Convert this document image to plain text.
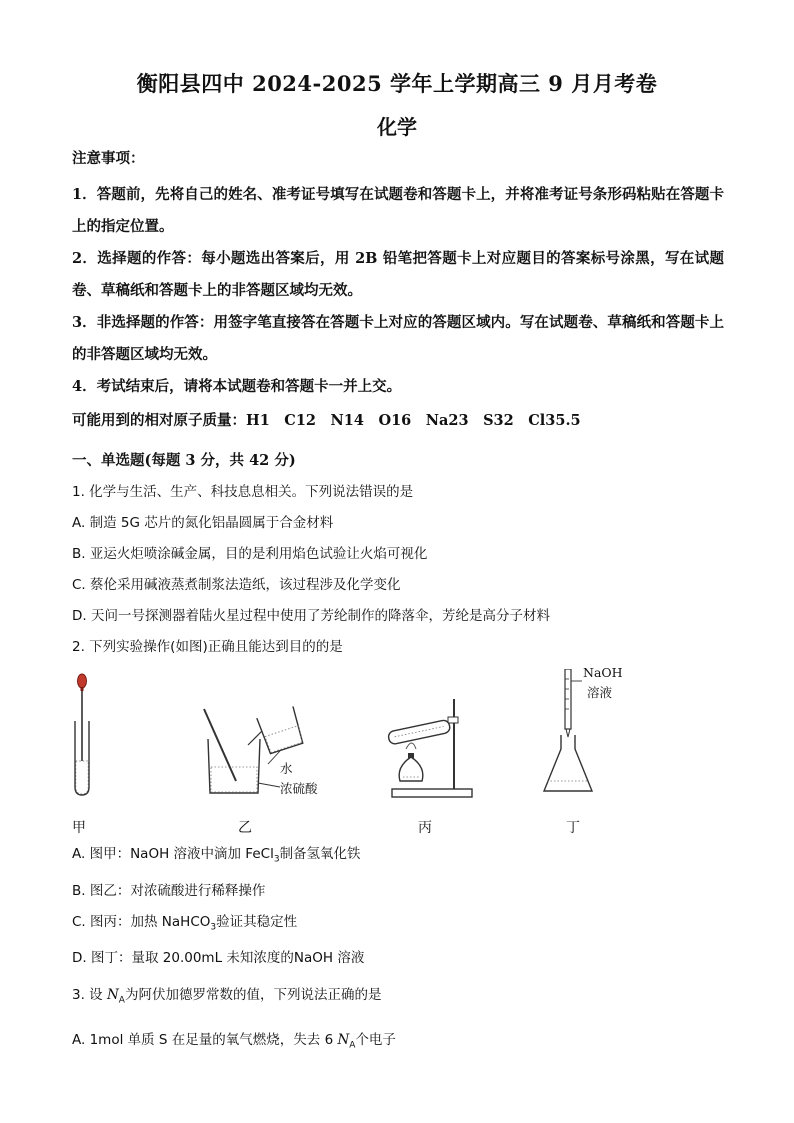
衡阳县四中 2024-2025 学年上学期高三 9 月月考卷
化学

注意事项：

1．答题前，先将自己的姓名、准考证号填写在试题卷和答题卡上，并将准考证号条形码粘贴在答题卡上的指定位置。

2．选择题的作答：每小题选出答案后，用 2B 铅笔把答题卡上对应题目的答案标号涂黑，写在试题卷、草稿纸和答题卡上的非答题区域均无效。

3．非选择题的作答：用签字笔直接答在答题卡上对应的答题区域内。写在试题卷、草稿纸和答题卡上的非答题区域均无效。

4．考试结束后，请将本试题卷和答题卡一并上交。

可能用到的相对原子质量：H1　C12　N14　O16　Na23　S32　Cl35.5

一、单选题(每题 3 分，共 42 分)

1. 化学与生活、生产、科技息息相关。下列说法错误的是

A. 制造 5G 芯片的氮化铝晶圆属于合金材料

B. 亚运火炬喷涂碱金属，目的是利用焰色试验让火焰可视化

C. 蔡伦采用碱液蒸煮制浆法造纸，该过程涉及化学变化

D. 天问一号探测器着陆火星过程中使用了芳纶制作的降落伞，芳纶是高分子材料

2. 下列实验操作(如图)正确且能达到目的的是

甲
水
浓硫酸
乙	丙
NaOH
溶液
丁

A. 图甲：NaOH 溶液中滴加 FeCl$_3$制备氢氧化铁

B. 图乙：对浓硫酸进行稀释操作

C. 图丙：加热 NaHCO$_3$验证其稳定性

D. 图丁：量取 20.00mL 未知浓度的NaOH 溶液

3. 设 $N_A$为阿伏加德罗常数的值，下列说法正确的是

A. 1mol 单质 S 在足量的氧气燃烧，失去 6 $N_A$个电子
